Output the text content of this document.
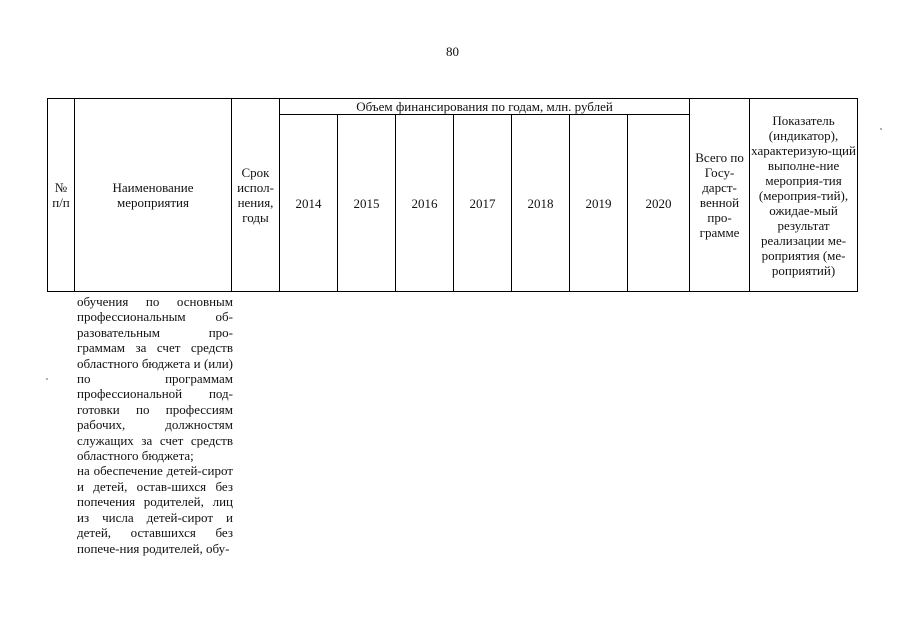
80
№ п/п	Наименование мероприятия	Срок испол-нения, годы	Объем финансирования по годам, млн. рублей							Всего по Госу-дарст-венной про-грамме	Показатель (индикатор), характеризую-щий выполне-ние мероприя-тия (мероприя-тий), ожидае-мый результат реализации ме-роприятия (ме-роприятий)
			2014	2015	2016	2017	2018	2019	2020		

обучения по основным профессиональным об-разовательным про-граммам за счет средств областного бюджета и (или) по программам профессиональной под-готовки по профессиям рабочих, должностям служащих за счет средств областного бюджета;

на обеспечение детей-сирот и детей, остав-шихся без попечения родителей, лиц из числа детей-сирот и детей, оставшихся без попече-ния родителей, обу-
